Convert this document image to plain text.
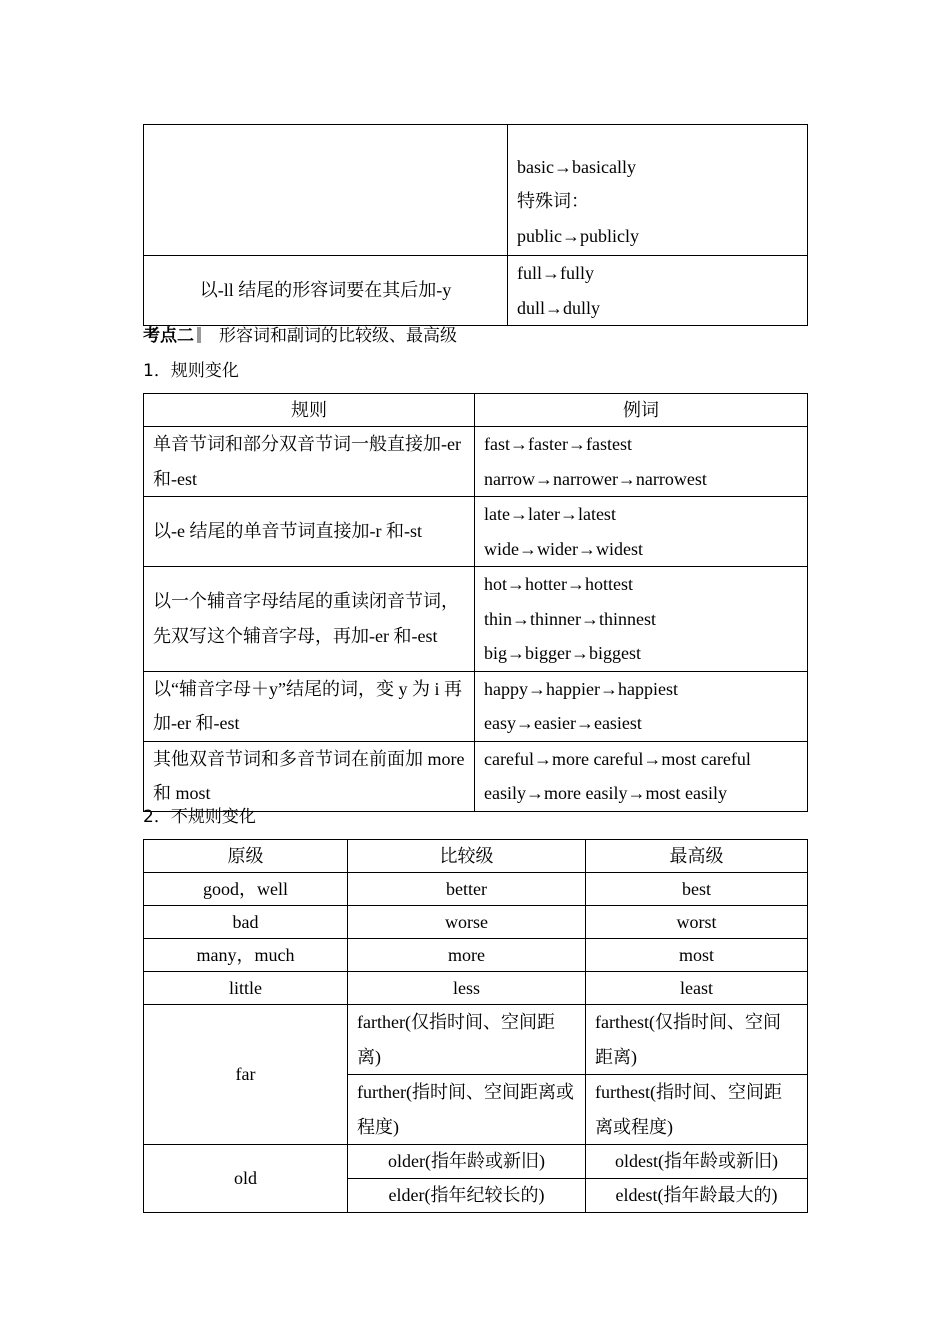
	basic→basically
特殊词：
public→publicly

以-ll 结尾的形容词要在其后加-y	full→fully
dull→dully
考点二 形容词和副词的比较级、最高级
1．规则变化
规则	例词
单音节词和部分双音节词一般直接加-er 和-est	fast→faster→fastest
narrow→narrower→narrowest

以-e 结尾的单音节词直接加-r 和-st	late→later→latest
wide→wider→widest

以一个辅音字母结尾的重读闭音节词，先双写这个辅音字母，再加-er 和-est	hot→hotter→hottest
thin→thinner→thinnest
big→bigger→biggest

以“辅音字母＋y”结尾的词，变 y 为 i 再加-er 和-est	happy→happier→happiest
easy→easier→easiest

其他双音节词和多音节词在前面加 more 和 most	careful→more careful→most careful
easily→more easily→most easily
2．不规则变化
原级	比较级	最高级
good，well	better	best
bad	worse	worst
many，much	more	most
little	less	least
far	farther(仅指时间、空间距离)	farthest(仅指时间、空间距离)
	further(指时间、空间距离或程度)	furthest(指时间、空间距离或程度)
old	older(指年龄或新旧)	oldest(指年龄或新旧)
	elder(指年纪较长的)	eldest(指年龄最大的)
